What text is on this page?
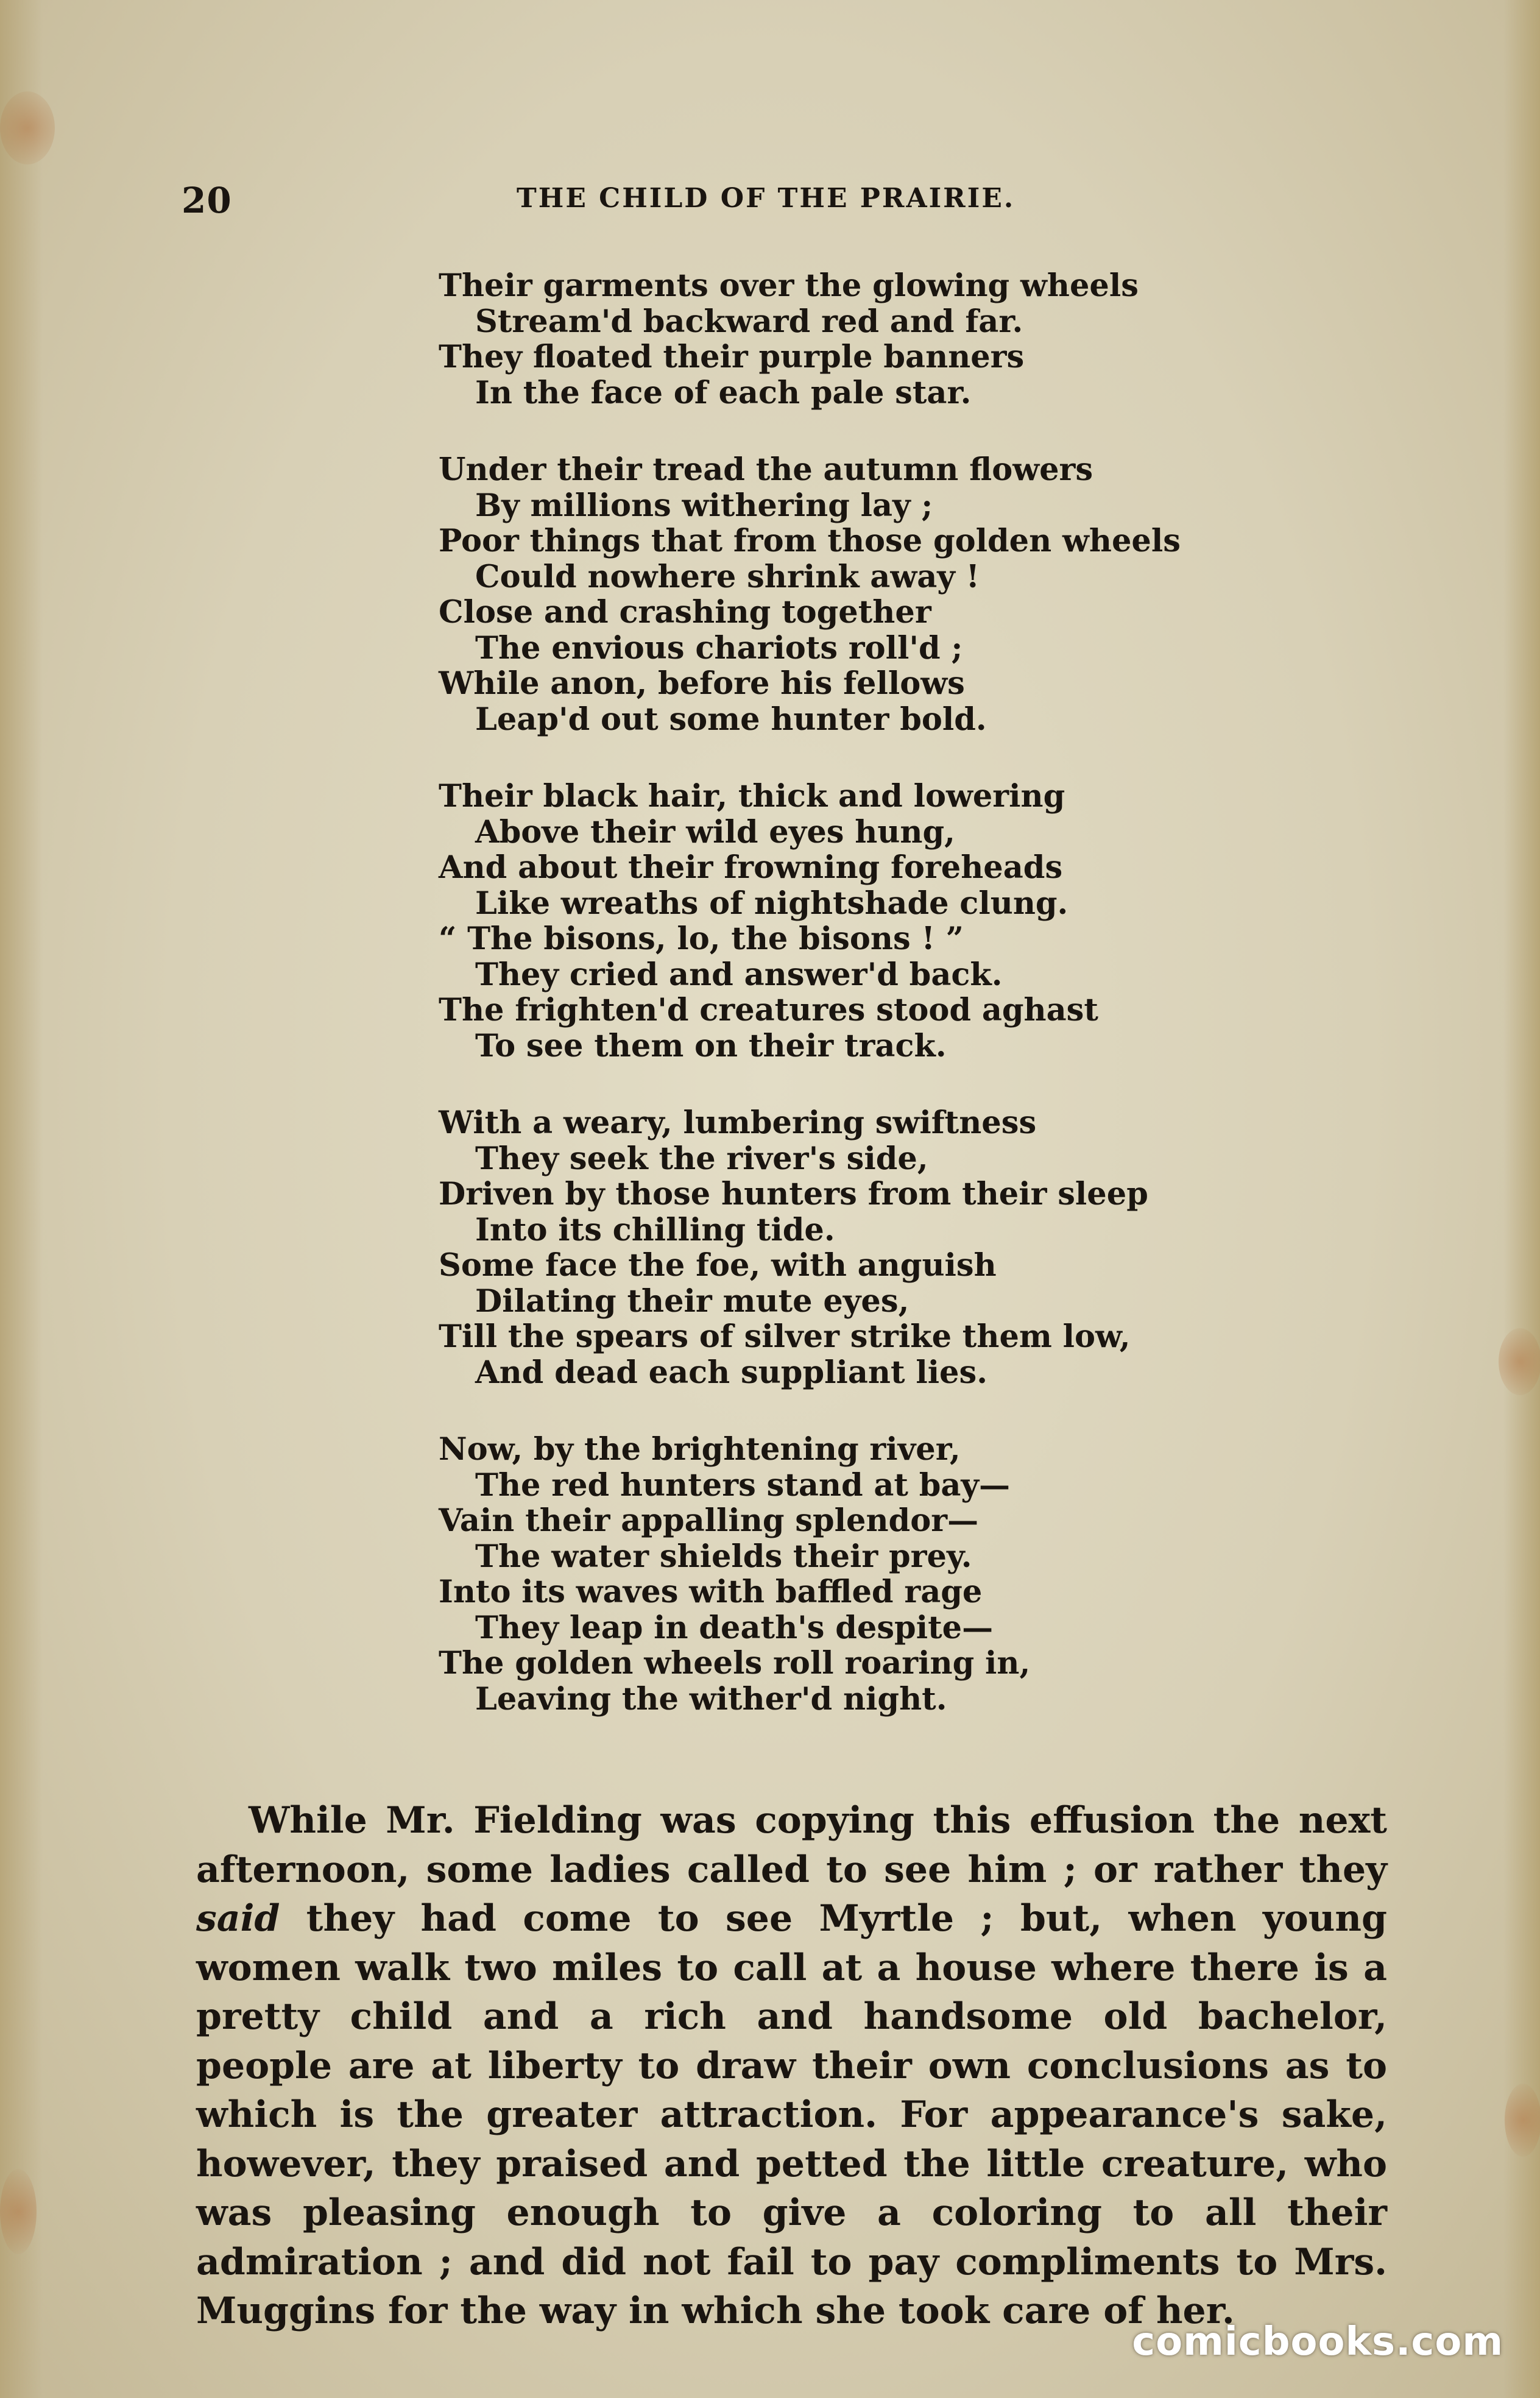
20	THE CHILD OF THE PRAIRIE.
Their garments over the glowing wheels
Stream'd backward red and far.
They floated their purple banners
In the face of each pale star.
Under their tread the autumn flowers
By millions withering lay ;
Poor things that from those golden wheels
Could nowhere shrink away !
Close and crashing together
The envious chariots roll'd ;
While anon, before his fellows
Leap'd out some hunter bold.
Their black hair, thick and lowering
Above their wild eyes hung,
And about their frowning foreheads
Like wreaths of nightshade clung.
“ The bisons, lo, the bisons ! ”
They cried and answer'd back.
The frighten'd creatures stood aghast
To see them on their track.
With a weary, lumbering swiftness
They seek the river's side,
Driven by those hunters from their sleep
Into its chilling tide.
Some face the foe, with anguish
Dilating their mute eyes,
Till the spears of silver strike them low,
And dead each suppliant lies.
Now, by the brightening river,
The red hunters stand at bay—
Vain their appalling splendor—
The water shields their prey.
Into its waves with baffled rage
They leap in death's despite—
The golden wheels roll roaring in,
Leaving the wither'd night.

While Mr. Fielding was copying this effusion the next afternoon, some ladies called to see him ; or rather they said they had come to see Myrtle ; but, when young women walk two miles to call at a house where there is a pretty child and a rich and handsome old bachelor, people are at liberty to draw their own conclusions as to which is the greater attraction. For appearance's sake, however, they praised and petted the little creature, who was pleasing enough to give a coloring to all their admiration ; and did not fail to pay compliments to Mrs. Muggins for the way in which she took care of her.

comicbooks.com
